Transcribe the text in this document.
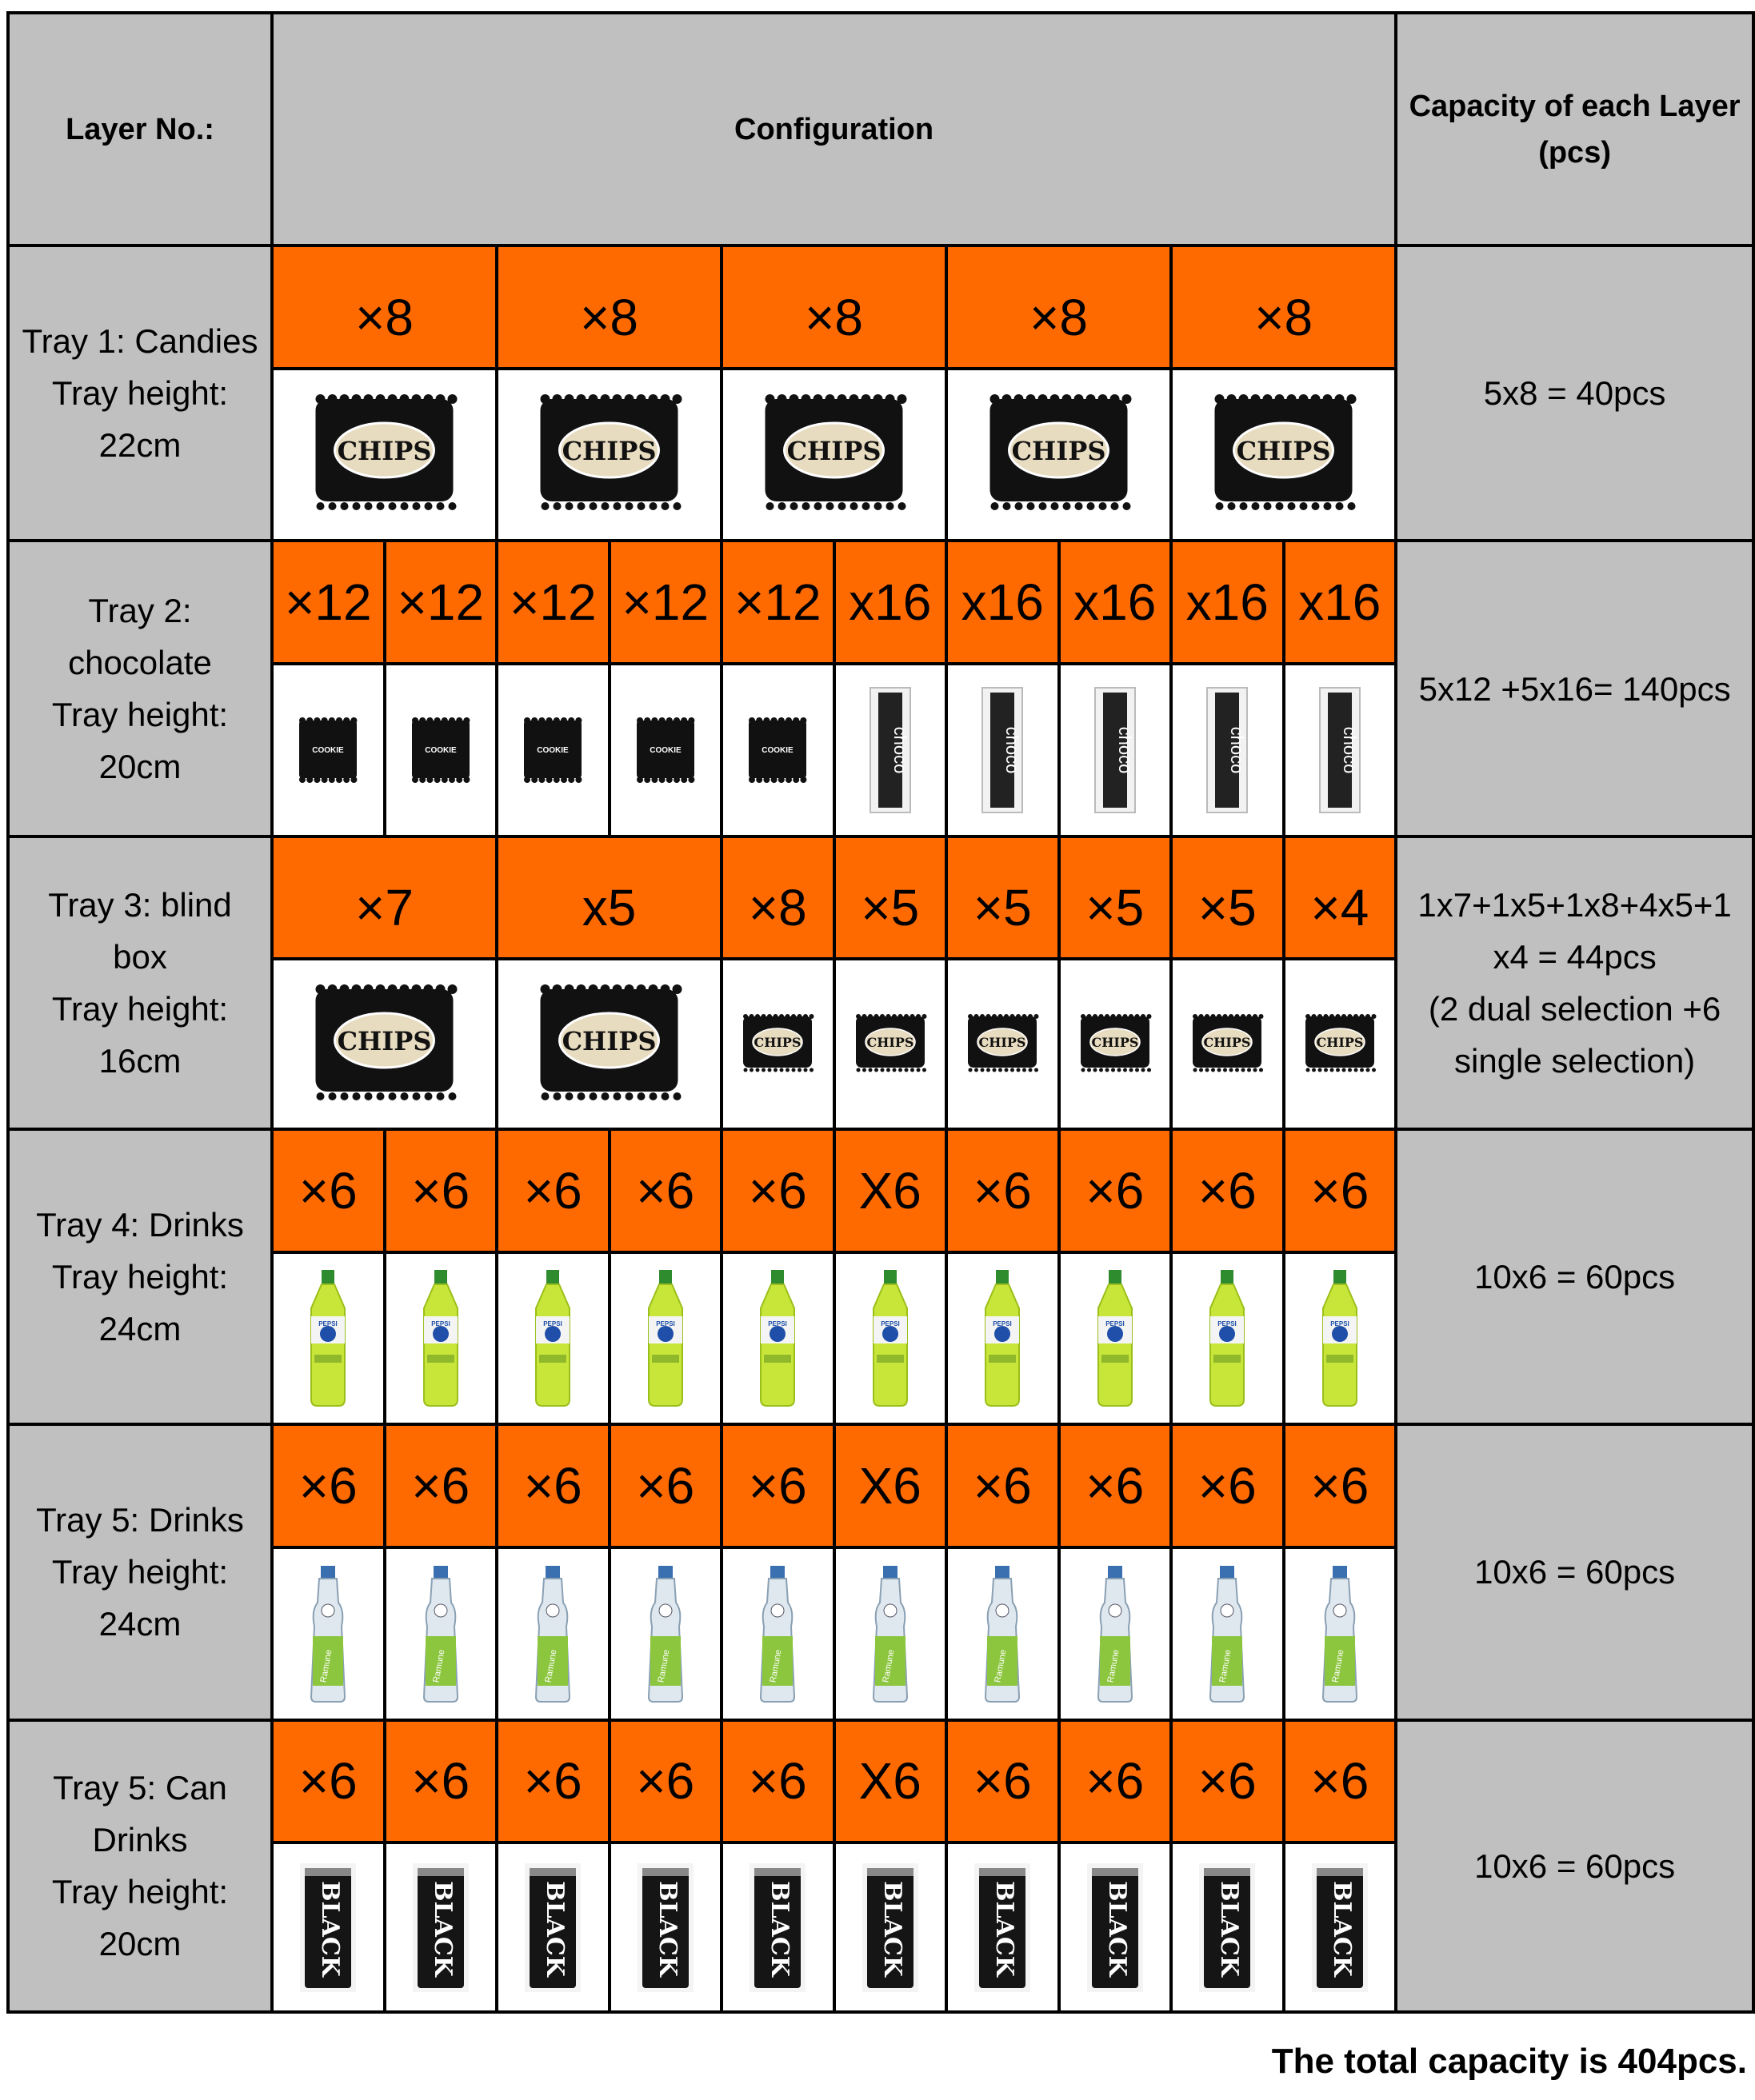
Layer No.:	Configuration										Capacity of each Layer
(pcs)

Tray 1: Candies
Tray height:
22cm	×8		×8		×8		×8		×8		5x8 = 40pcs

CHIPS		CHIPS		CHIPS		CHIPS		CHIPS		

Tray 2:
chocolate
Tray height:
20cm	×12	×12	×12	×12	×12	x16	x16	x16	x16	x16	5x12 +5x16= 140pcs

COOKIE	COOKIE	COOKIE	COOKIE	COOKIE	choco	choco	choco	choco	choco	

Tray 3: blind
box
Tray height:
16cm	×7		x5		×8	×5	×5	×5	×5	×4	1x7+1x5+1x8+4x5+1
x4 = 44pcs
(2 dual selection +6
single selection)

CHIPS		CHIPS		CHIPS	CHIPS	CHIPS	CHIPS	CHIPS	CHIPS	

Tray 4: Drinks
Tray height:
24cm	×6	×6	×6	×6	×6	X6	×6	×6	×6	×6	10x6 = 60pcs

PEPSI	PEPSI	PEPSI	PEPSI	PEPSI	PEPSI	PEPSI	PEPSI	PEPSI	PEPSI	

Tray 5: Drinks
Tray height:
24cm	×6	×6	×6	×6	×6	X6	×6	×6	×6	×6	10x6 = 60pcs

Ramune	Ramune	Ramune	Ramune	Ramune	Ramune	Ramune	Ramune	Ramune	Ramune	

Tray 5: Can
Drinks
Tray height:
20cm	×6	×6	×6	×6	×6	X6	×6	×6	×6	×6	10x6 = 60pcs

BLACK	BLACK	BLACK	BLACK	BLACK	BLACK	BLACK	BLACK	BLACK	BLACK	
The total capacity is 404pcs.
